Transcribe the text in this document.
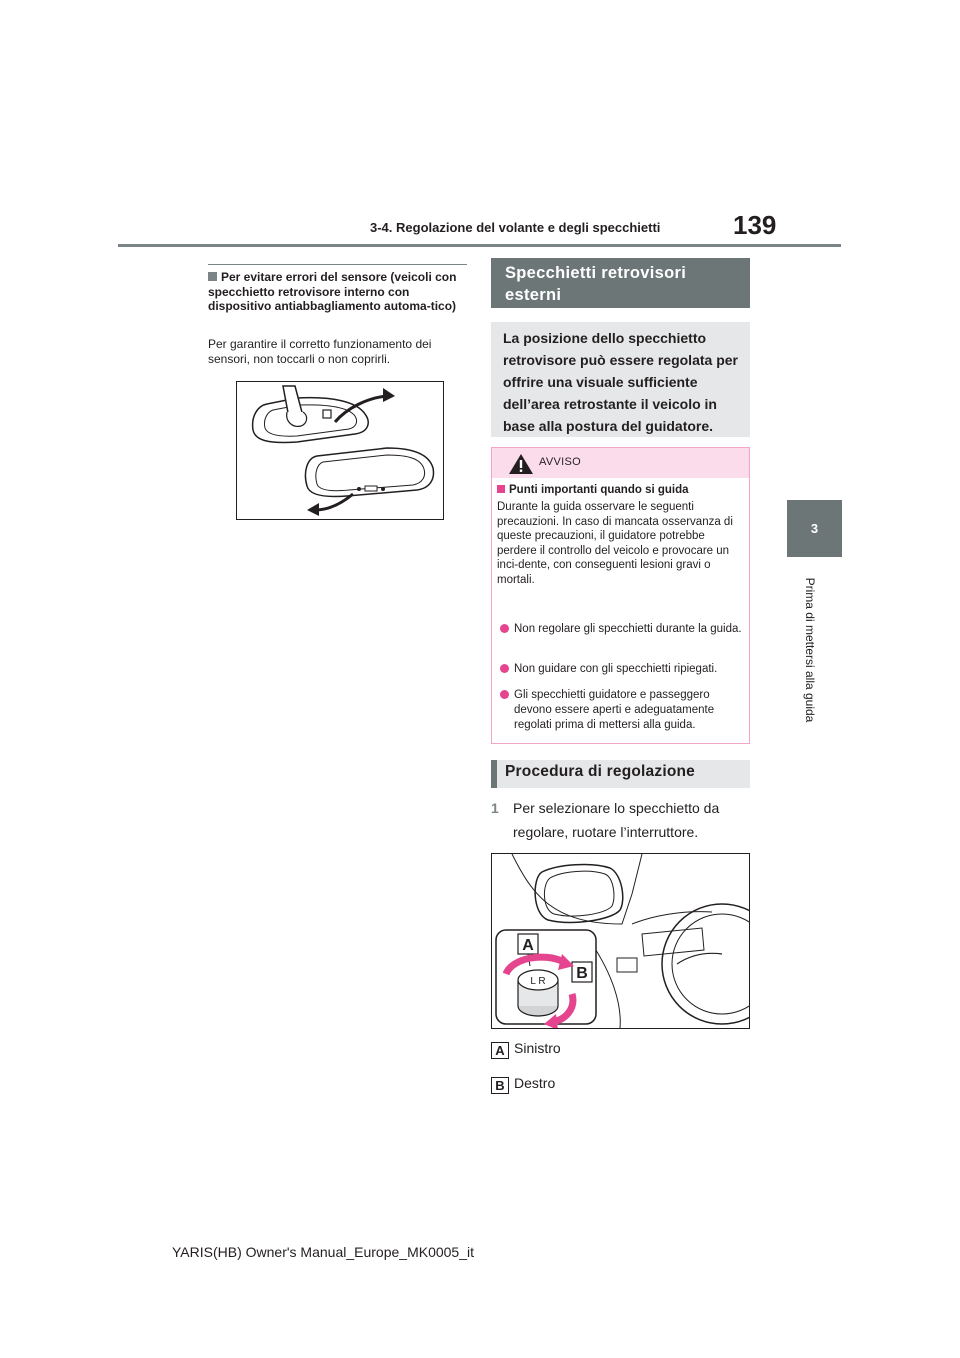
3-4. Regolazione del volante e degli specchietti	139
3
Prima di mettersi alla guida
Per evitare errori del sensore (veicoli con specchietto retrovisore interno con dispositivo antiabbagliamento automa-tico)
Per garantire il corretto funzionamento dei sensori, non toccarli o non coprirli.
Specchietti retrovisori esterni
La posizione dello specchietto retrovisore può essere regolata per offrire una visuale sufficiente dell’area retrostante il veicolo in base alla postura del guidatore.
AVVISO
Punti importanti quando si guida
Durante la guida osservare le seguenti precauzioni. In caso di mancata osservanza di queste precauzioni, il guidatore potrebbe perdere il controllo del veicolo e provocare un inci-dente, con conseguenti lesioni gravi o mortali.
Non regolare gli specchietti durante la guida.
Non guidare con gli specchietti ripiegati.
Gli specchietti guidatore e passeggero devono essere aperti e adeguatamente regolati prima di mettersi alla guida.
Procedura di regolazione
1 Per selezionare lo specchietto da regolare, ruotare l’interruttore.
A
B
L R
A Sinistro
B Destro
YARIS(HB) Owner's Manual_Europe_MK0005_it
